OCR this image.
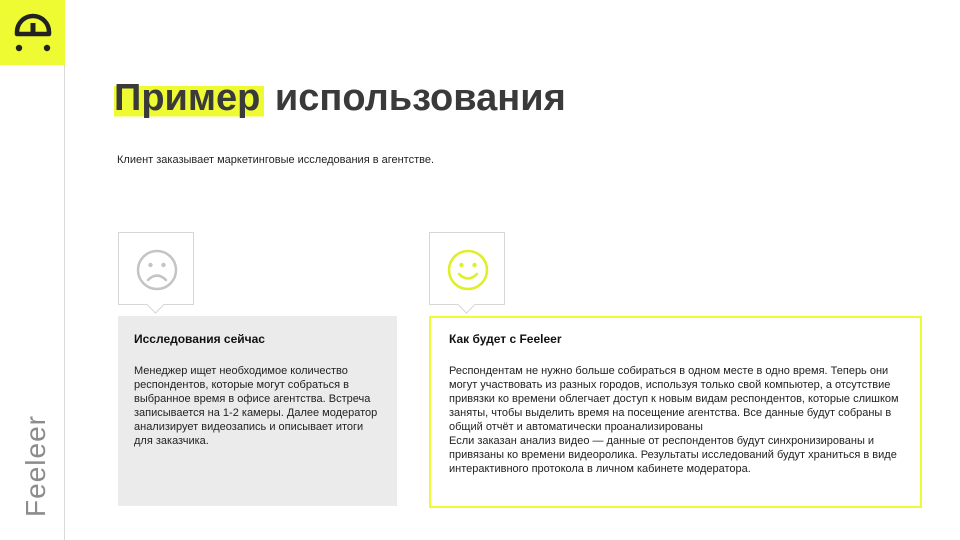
Feeleer
Пример использования
Клиент заказывает маркетинговые исследования в агентстве.

Исследования сейчас

Менеджер ищет необходимое количество респондентов, которые могут собраться в выбранное время в офисе агентства. Встреча записывается на 1-2 камеры. Далее модератор анализирует видеозапись и описывает итоги для заказчика.

Как будет с Feeleer

Респондентам не нужно больше собираться в одном месте в одно время. Теперь они могут участвовать из разных городов, используя только свой компьютер, а отсутствие привязки ко времени облегчает доступ к новым видам респондентов, которые слишком заняты, чтобы выделить время на посещение агентства. Все данные будут собраны в общий отчёт и автоматически проанализированы

Если заказан анализ видео — данные от респондентов будут синхронизированы и привязаны ко времени видеоролика. Результаты исследований будут храниться в виде интерактивного протокола в личном кабинете модератора.
